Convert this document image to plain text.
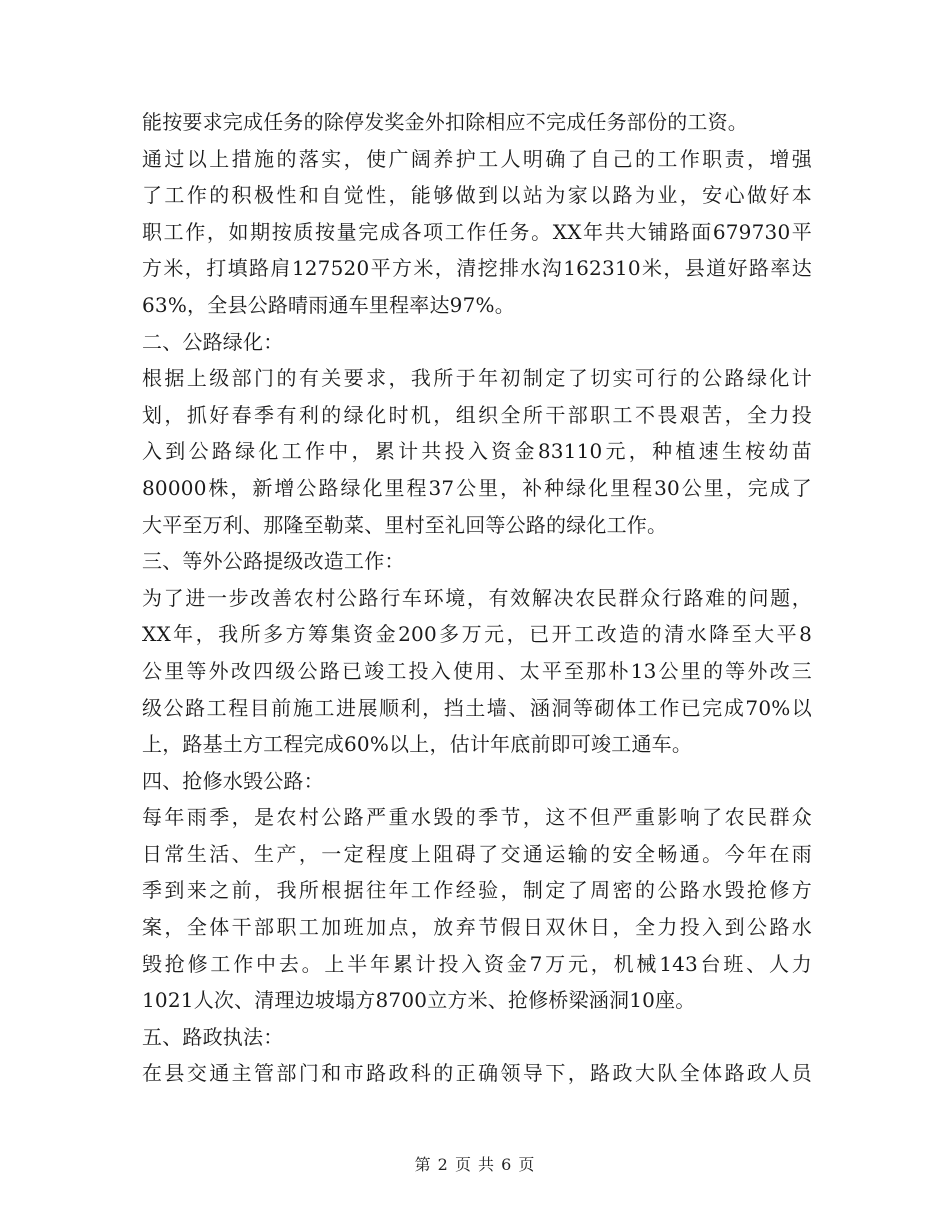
能按要求完成任务的除停发奖金外扣除相应不完成任务部份的工资。
通过以上措施的落实，使广阔养护工人明确了自己的工作职责，增强
了工作的积极性和自觉性，能够做到以站为家以路为业，安心做好本
职工作，如期按质按量完成各项工作任务。XX年共大铺路面679730平
方米，打填路肩127520平方米，清挖排水沟162310米，县道好路率达
63%，全县公路晴雨通车里程率达97%。
二、公路绿化：
根据上级部门的有关要求，我所于年初制定了切实可行的公路绿化计
划，抓好春季有利的绿化时机，组织全所干部职工不畏艰苦，全力投
入到公路绿化工作中，累计共投入资金83110元，种植速生桉幼苗
80000株，新增公路绿化里程37公里，补种绿化里程30公里，完成了
大平至万利、那隆至勒菜、里村至礼回等公路的绿化工作。
三、等外公路提级改造工作：
为了进一步改善农村公路行车环境，有效解决农民群众行路难的问题，
XX年，我所多方筹集资金200多万元，已开工改造的清水降至大平8
公里等外改四级公路已竣工投入使用、太平至那朴13公里的等外改三
级公路工程目前施工进展顺利，挡土墙、涵洞等砌体工作已完成70%以
上，路基土方工程完成60%以上，估计年底前即可竣工通车。
四、抢修水毁公路：
每年雨季，是农村公路严重水毁的季节，这不但严重影响了农民群众
日常生活、生产，一定程度上阻碍了交通运输的安全畅通。今年在雨
季到来之前，我所根据往年工作经验，制定了周密的公路水毁抢修方
案，全体干部职工加班加点，放弃节假日双休日，全力投入到公路水
毁抢修工作中去。上半年累计投入资金7万元，机械143台班、人力
1021人次、清理边坡塌方8700立方米、抢修桥梁涵洞10座。
五、路政执法：
在县交通主管部门和市路政科的正确领导下，路政大队全体路政人员
第 2 页 共 6 页
